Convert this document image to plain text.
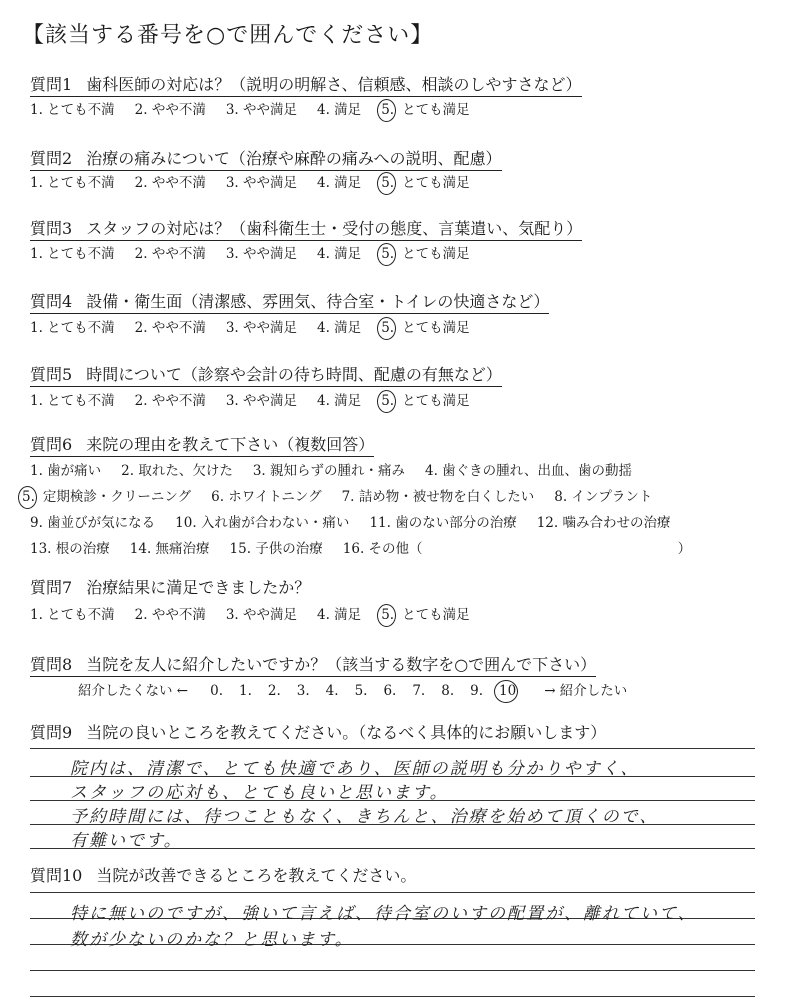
【該当する番号を○で囲んでください】
質問1 歯科医師の対応は？（説明の明解さ、信頼感、相談のしやすさなど）
1. とても不満 2. やや不満 3. やや満足 4. 満足 5. とても満足
質問2 治療の痛みについて（治療や麻酔の痛みへの説明、配慮）
1. とても不満 2. やや不満 3. やや満足 4. 満足 5. とても満足
質問3 スタッフの対応は？（歯科衛生士・受付の態度、言葉遣い、気配り）
1. とても不満 2. やや不満 3. やや満足 4. 満足 5. とても満足
質問4 設備・衛生面（清潔感、雰囲気、待合室・トイレの快適さなど）
1. とても不満 2. やや不満 3. やや満足 4. 満足 5. とても満足
質問5 時間について（診察や会計の待ち時間、配慮の有無など）
1. とても不満 2. やや不満 3. やや満足 4. 満足 5. とても満足
質問6 来院の理由を教えて下さい（複数回答）
1. 歯が痛い 2. 取れた、欠けた 3. 親知らずの腫れ・痛み 4. 歯ぐきの腫れ、出血、歯の動揺
5. 定期検診・クリーニング 6. ホワイトニング 7. 詰め物・被せ物を白くしたい 8. インプラント
9. 歯並びが気になる 10. 入れ歯が合わない・痛い 11. 歯のない部分の治療 12. 噛み合わせの治療
13. 根の治療 14. 無痛治療 15. 子供の治療 16. その他（	）
質問7 治療結果に満足できましたか？
1. とても不満 2. やや不満 3. やや満足 4. 満足 5. とても満足
質問8 当院を友人に紹介したいですか？（該当する数字を○で囲んで下さい）
紹介したくない ← 0. 1. 2. 3. 4. 5. 6. 7. 8. 9. 10 → 紹介したい
質問9 当院の良いところを教えてください。（なるべく具体的にお願いします）
院内は、清潔で、とても快適であり、医師の説明も分かりやすく、
スタッフの応対も、とても良いと思います。
予約時間には、待つこともなく、きちんと、治療を始めて頂くので、
有難いです。
質問10 当院が改善できるところを教えてください。
特に無いのですが、強いて言えば、待合室のいすの配置が、離れていて、
数が少ないのかな？と思います。
